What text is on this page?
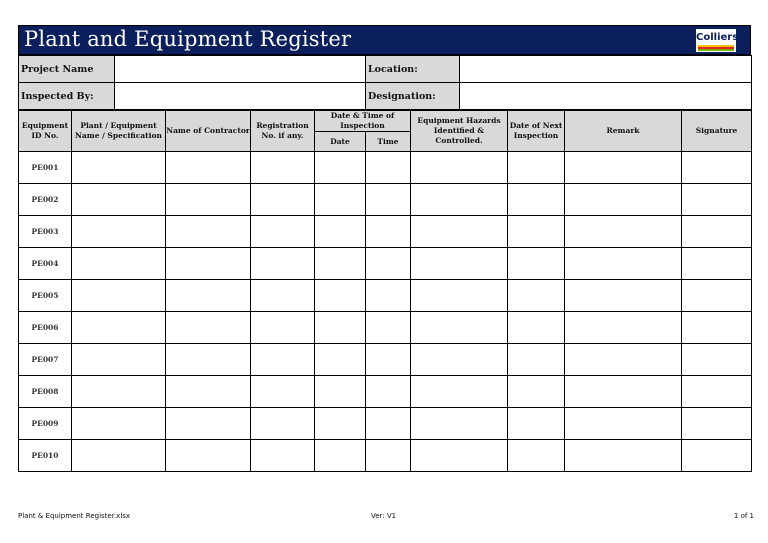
Plant and Equipment Register	Colliers
Project Name		Location:	
Inspected By:		Designation:	
Equipment ID No.	Plant / Equipment Name / Specification	Name of Contractor	Registration No. if any.	Date & Time of Inspection		Equipment Hazards Identified & Controlled.	Date of Next Inspection	Remark	Signature
				Date	Time				
PE001									
PE002									
PE003									
PE004									
PE005									
PE006									
PE007									
PE008									
PE009									
PE010									
Plant & Equipment Register.xlsx	Ver: V1	1 of 1
